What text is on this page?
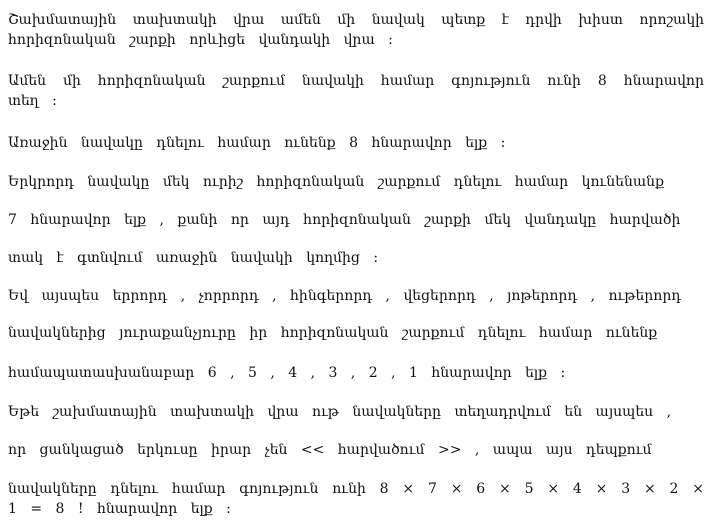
Շախմատային տախտակի վրա ամեն մի նավակ պետք է դրվի խիստ որոշակի հորիզոնական շարքի որևիցե վանդակի վրա :
Ամեն մի հորիզոնական շարքում նավակի համար գոյություն ունի 8 հնարավոր տեղ :
Առաջին նավակը դնելու համար ունենք 8 հնարավոր ելք :
Երկրորդ նավակը մեկ ուրիշ հորիզոնական շարքում դնելու համար կունենանք
7 հնարավոր ելք , քանի որ այդ հորիզոնական շարքի մեկ վանդակը հարվածի
տակ է գտնվում առաջին նավակի կողմից :
Եվ այսպես երրորդ , չորրորդ , հինգերորդ , վեցերորդ , յոթերորդ , ութերորդ
նավակներից յուրաքանչյուրը իր հորիզոնական շարքում դնելու համար ունենք
համապատասխանաբար 6 , 5 , 4 , 3 , 2 , 1 հնարավոր ելք :
Եթե շախմատային տախտակի վրա ութ նավակները տեղադրվում են այսպես ,
որ ցանկացած երկուսը իրար չեն << հարվածում >> , ապա այս դեպքում
նավակները դնելու համար գոյություն ունի 8 × 7 × 6 × 5 × 4 × 3 × 2 × 1 = 8 ! հնարավոր ելք :
